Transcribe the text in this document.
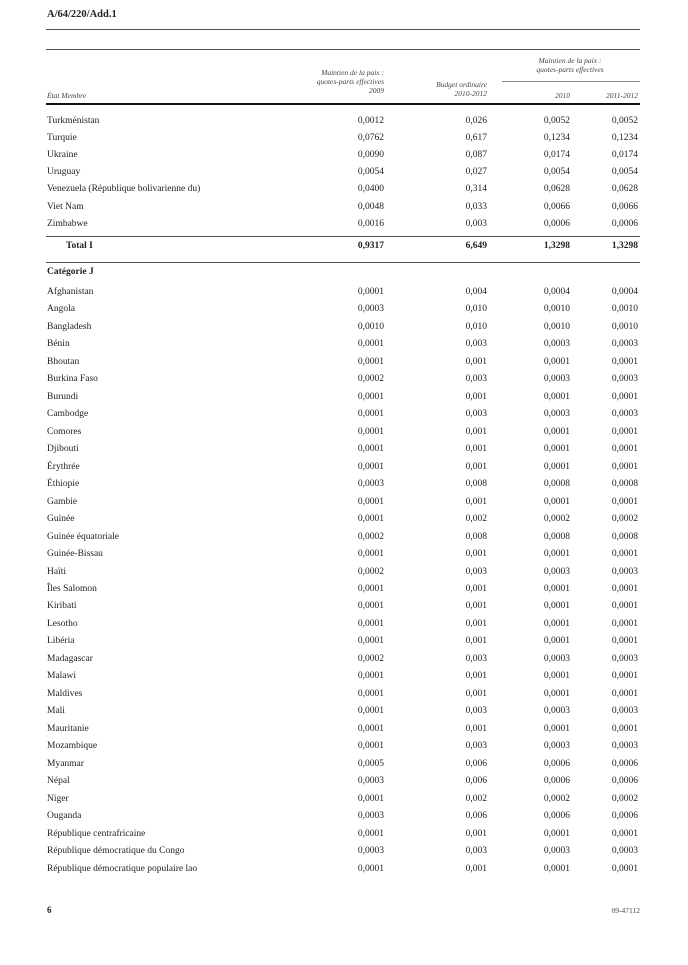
A/64/220/Add.1
État Membre
Maintien de la paix :
quotes-parts effectives
2009
Budget ordinaire
2010-2012
Maintien de la paix :
quotes-parts effectives
2010	2011-2012
Turkménistan	0,0012	0,026	0,0052	0,0052
Turquie	0,0762	0,617	0,1234	0,1234
Ukraine	0,0090	0,087	0,0174	0,0174
Uruguay	0,0054	0,027	0,0054	0,0054
Venezuela (République bolivarienne du)	0,0400	0,314	0,0628	0,0628
Viet Nam	0,0048	0,033	0,0066	0,0066
Zimbabwe	0,0016	0,003	0,0006	0,0006
Total I	0,9317	6,649	1,3298	1,3298
Catégorie J
Afghanistan	0,0001	0,004	0,0004	0,0004
Angola	0,0003	0,010	0,0010	0,0010
Bangladesh	0,0010	0,010	0,0010	0,0010
Bénin	0,0001	0,003	0,0003	0,0003
Bhoutan	0,0001	0,001	0,0001	0,0001
Burkina Faso	0,0002	0,003	0,0003	0,0003
Burundi	0,0001	0,001	0,0001	0,0001
Cambodge	0,0001	0,003	0,0003	0,0003
Comores	0,0001	0,001	0,0001	0,0001
Djibouti	0,0001	0,001	0,0001	0,0001
Érythrée	0,0001	0,001	0,0001	0,0001
Éthiopie	0,0003	0,008	0,0008	0,0008
Gambie	0,0001	0,001	0,0001	0,0001
Guinée	0,0001	0,002	0,0002	0,0002
Guinée équatoriale	0,0002	0,008	0,0008	0,0008
Guinée-Bissau	0,0001	0,001	0,0001	0,0001
Haïti	0,0002	0,003	0,0003	0,0003
Îles Salomon	0,0001	0,001	0,0001	0,0001
Kiribati	0,0001	0,001	0,0001	0,0001
Lesotho	0,0001	0,001	0,0001	0,0001
Libéria	0,0001	0,001	0,0001	0,0001
Madagascar	0,0002	0,003	0,0003	0,0003
Malawi	0,0001	0,001	0,0001	0,0001
Maldives	0,0001	0,001	0,0001	0,0001
Mali	0,0001	0,003	0,0003	0,0003
Mauritanie	0,0001	0,001	0,0001	0,0001
Mozambique	0,0001	0,003	0,0003	0,0003
Myanmar	0,0005	0,006	0,0006	0,0006
Népal	0,0003	0,006	0,0006	0,0006
Niger	0,0001	0,002	0,0002	0,0002
Ouganda	0,0003	0,006	0,0006	0,0006
République centrafricaine	0,0001	0,001	0,0001	0,0001
République démocratique du Congo	0,0003	0,003	0,0003	0,0003
République démocratique populaire lao	0,0001	0,001	0,0001	0,0001
6	09-47112
